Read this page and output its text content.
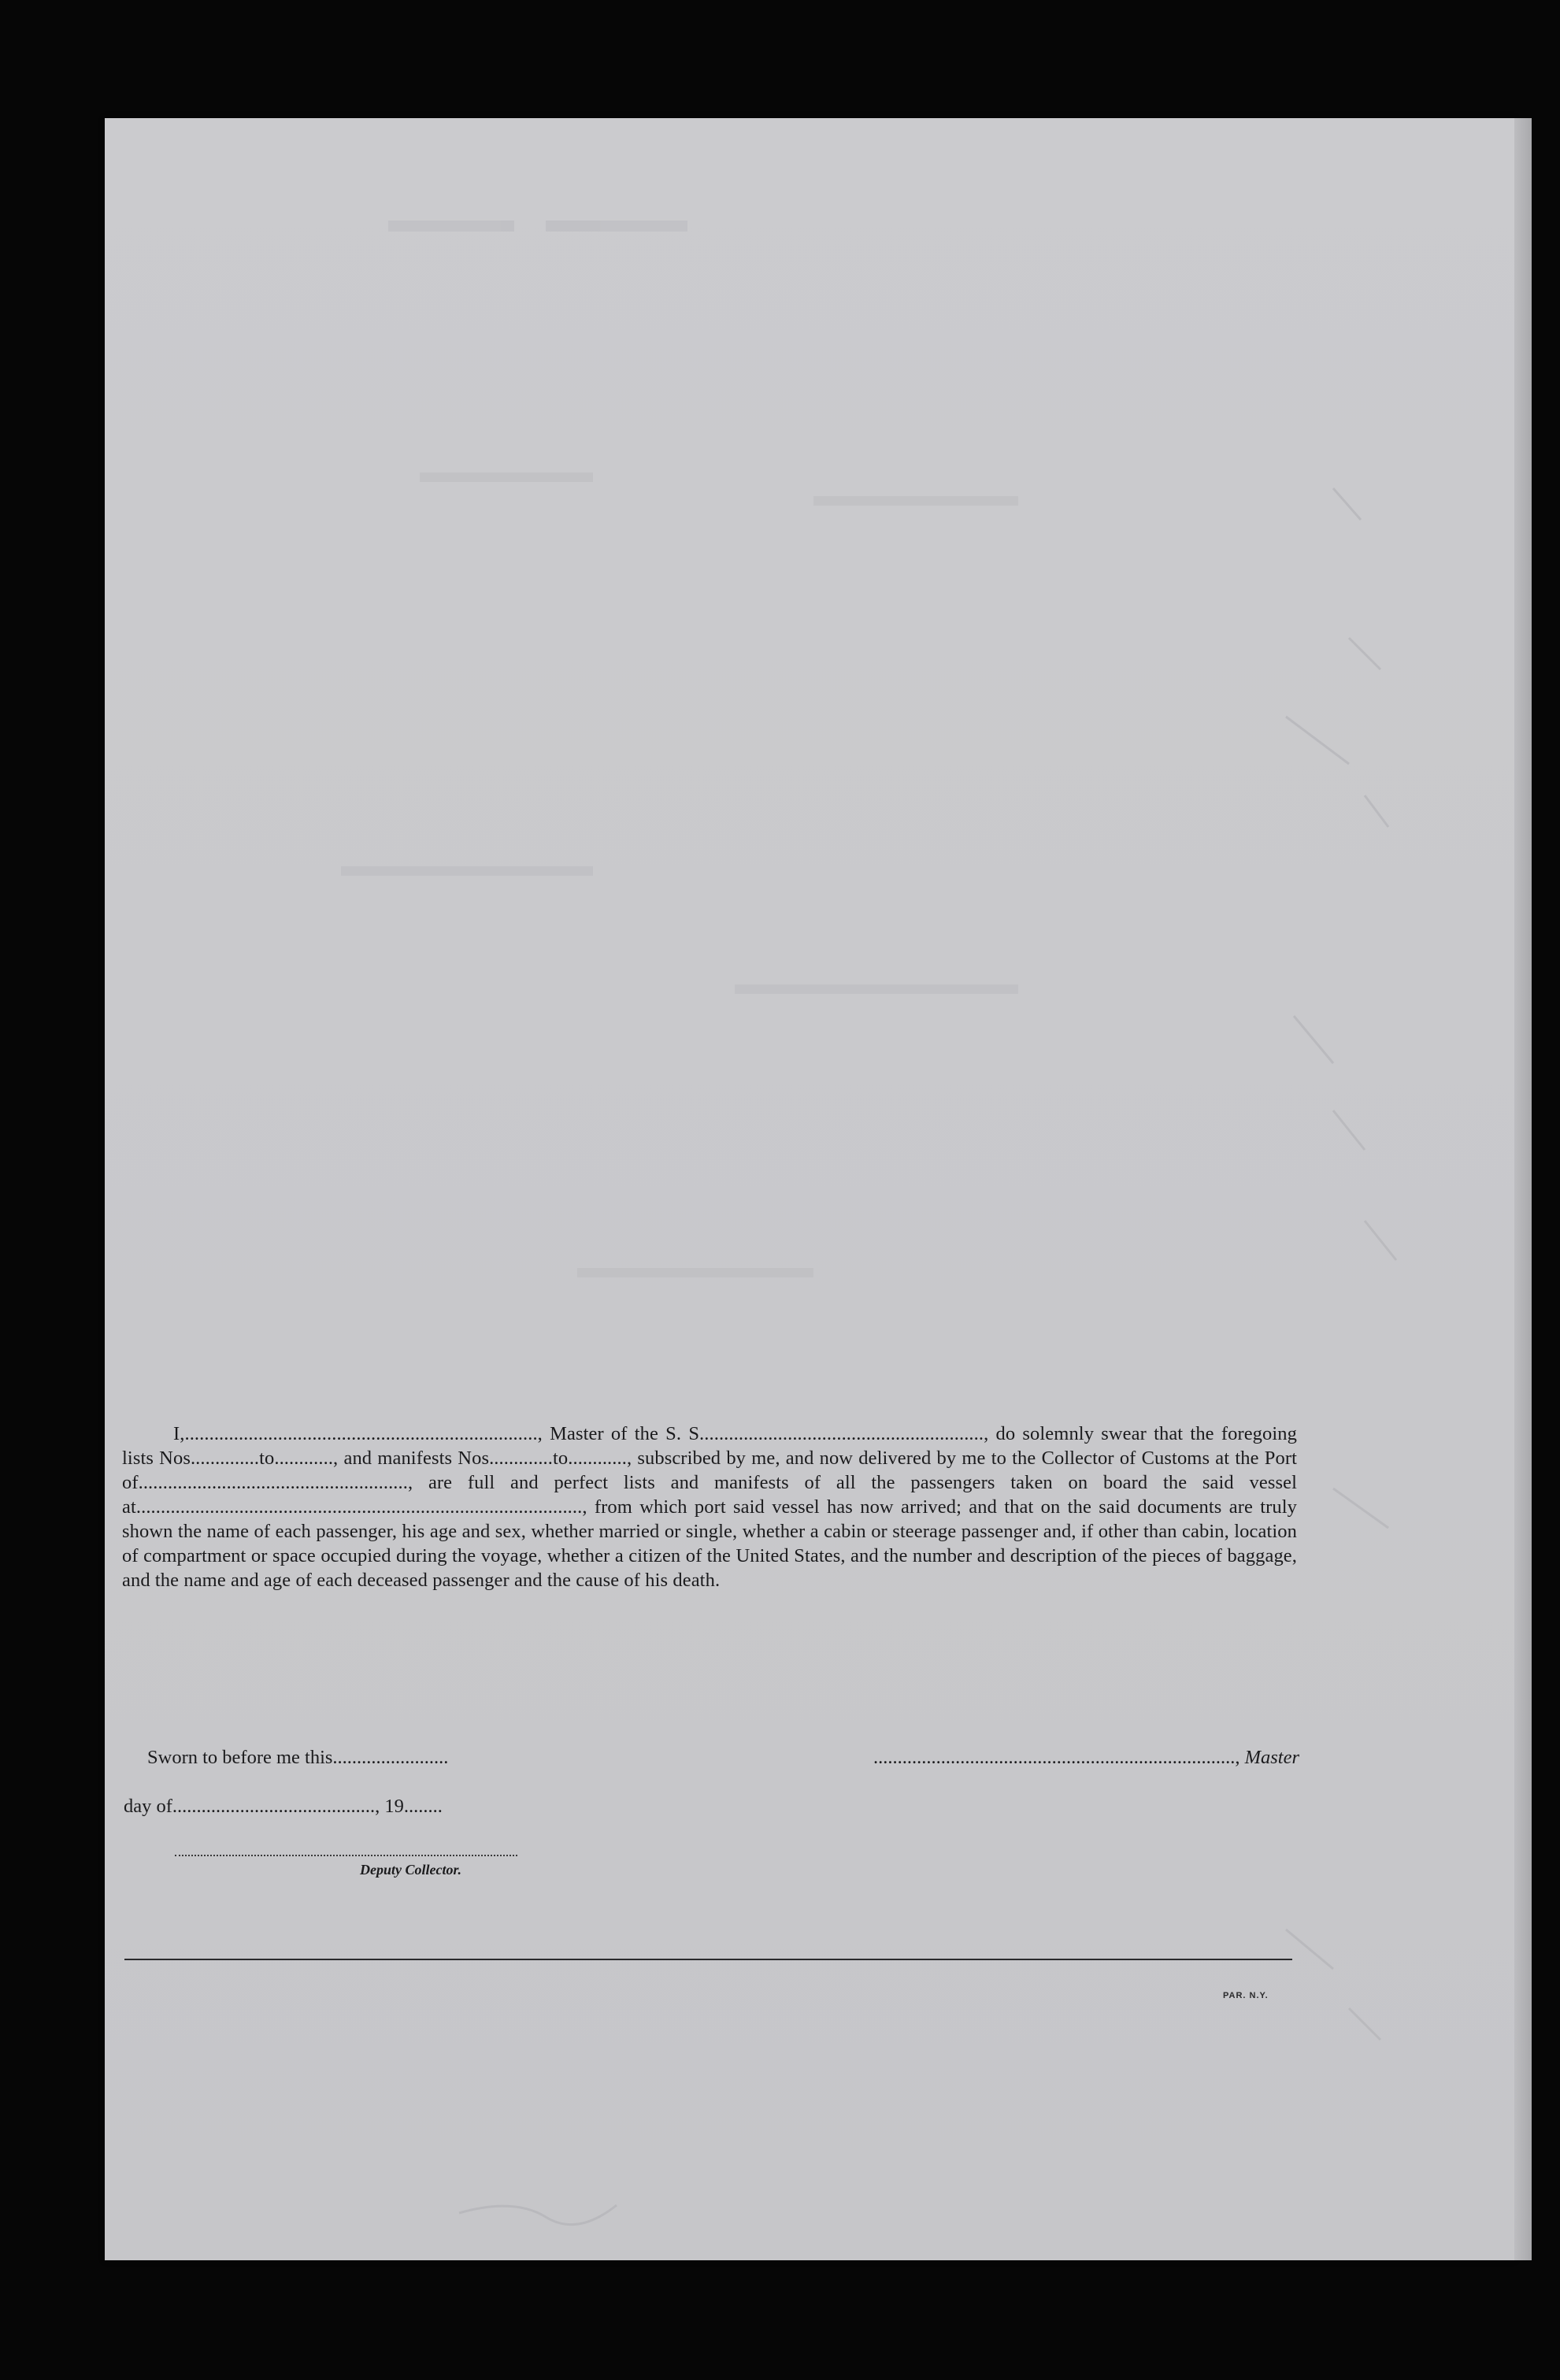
I,........................................................................, Master of the S. S.........................................................., do solemnly swear that the foregoing lists Nos..............to............, and manifests Nos.............to............, subscribed by me, and now delivered by me to the Collector of Customs at the Port of......................................................., are full and perfect lists and manifests of all the passengers taken on board the said vessel at..........................................................................................., from which port said vessel has now arrived; and that on the said documents are truly shown the name of each passenger, his age and sex, whether married or single, whether a cabin or steerage passenger and, if other than cabin, location of compartment or space occupied during the voyage, whether a citizen of the United States, and the number and description of the pieces of baggage, and the name and age of each deceased passenger and the cause of his death.

Sworn to before me this........................	..........................................................................., Master
day of.........................................., 19........
Deputy Collector.
PAR. N.Y.
